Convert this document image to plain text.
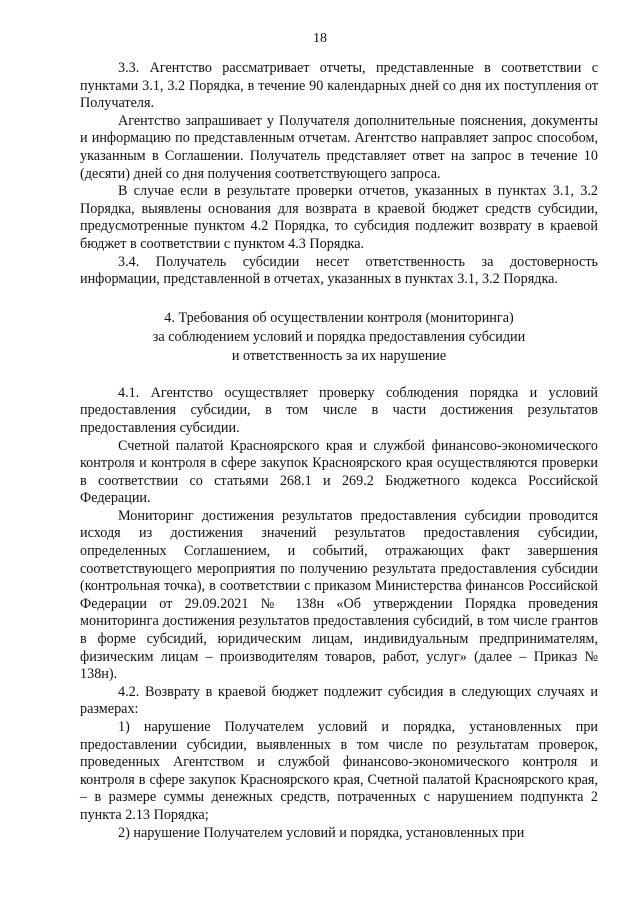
18

3.3. Агентство рассматривает отчеты, представленные в соответствии с пунктами 3.1, 3.2 Порядка, в течение 90 календарных дней со дня их поступления от Получателя.

Агентство запрашивает у Получателя дополнительные пояснения, документы и информацию по представленным отчетам. Агентство направляет запрос способом, указанным в Соглашении. Получатель представляет ответ на запрос в течение 10 (десяти) дней со дня получения соответствующего запроса.

В случае если в результате проверки отчетов, указанных в пунктах 3.1, 3.2 Порядка, выявлены основания для возврата в краевой бюджет средств субсидии, предусмотренные пунктом 4.2 Порядка, то субсидия подлежит возврату в краевой бюджет в соответствии с пунктом 4.3 Порядка.

3.4. Получатель субсидии несет ответственность за достоверность информации, представленной в отчетах, указанных в пунктах 3.1, 3.2 Порядка.

4. Требования об осуществлении контроля (мониторинга)
за соблюдением условий и порядка предоставления субсидии
и ответственность за их нарушение

4.1. Агентство осуществляет проверку соблюдения порядка и условий предоставления субсидии, в том числе в части достижения результатов предоставления субсидии.

Счетной палатой Красноярского края и службой финансово-экономического контроля и контроля в сфере закупок Красноярского края осуществляются проверки в соответствии со статьями 268.1 и 269.2 Бюджетного кодекса Российской Федерации.

Мониторинг достижения результатов предоставления субсидии проводится исходя из достижения значений результатов предоставления субсидии, определенных Соглашением, и событий, отражающих факт завершения соответствующего мероприятия по получению результата предоставления субсидии (контрольная точка), в соответствии с приказом Министерства финансов Российской Федерации от 29.09.2021 № 138н «Об утверждении Порядка проведения мониторинга достижения результатов предоставления субсидий, в том числе грантов в форме субсидий, юридическим лицам, индивидуальным предпринимателям, физическим лицам – производителям товаров, работ, услуг» (далее – Приказ № 138н).

4.2. Возврату в краевой бюджет подлежит субсидия в следующих случаях и размерах:

1) нарушение Получателем условий и порядка, установленных при предоставлении субсидии, выявленных в том числе по результатам проверок, проведенных Агентством и службой финансово-экономического контроля и контроля в сфере закупок Красноярского края, Счетной палатой Красноярского края, – в размере суммы денежных средств, потраченных с нарушением подпункта 2 пункта 2.13 Порядка;

2) нарушение Получателем условий и порядка, установленных при
